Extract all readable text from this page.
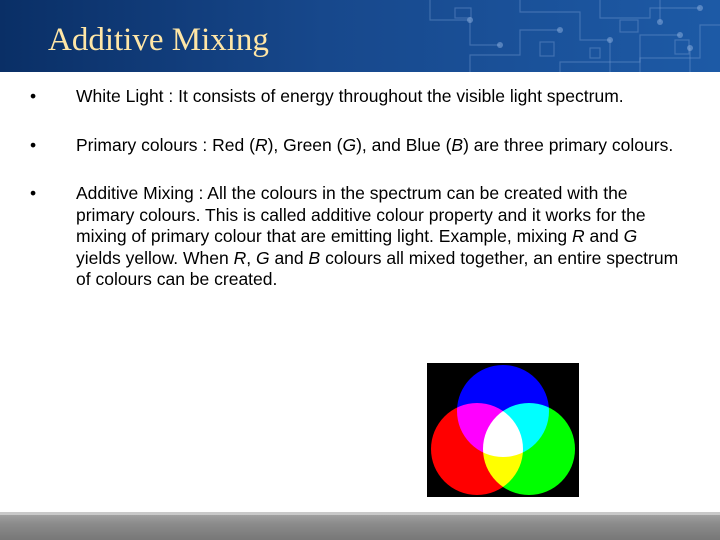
Additive Mixing
•	White Light : It consists of energy throughout the visible light spectrum.
•	Primary colours : Red (R), Green (G), and Blue (B) are three primary colours.
•	Additive Mixing : All the colours in the spectrum can be created with the primary colours. This is called additive colour property and it works for the mixing of primary colour that are emitting light. Example, mixing R and G yields yellow. When R, G and B colours all mixed together, an entire spectrum of colours can be created.
